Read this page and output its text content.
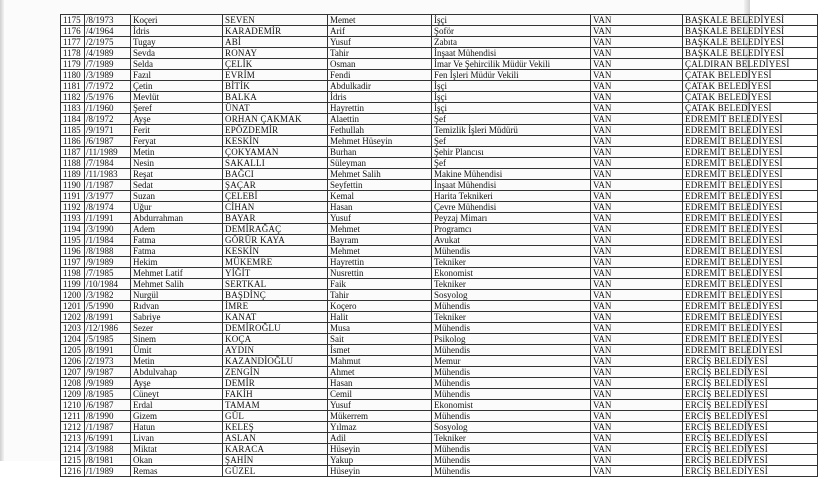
1175	/8/1973	Koçeri	SEVEN	Memet	İşçi	VAN	BAŞKALE BELEDİYESİ
1176	/4/1964	İdris	KARADEMİR	Arif	Şoför	VAN	BAŞKALE BELEDİYESİ
1177	/2/1975	Tugay	ABİ	Yusuf	Zabıta	VAN	BAŞKALE BELEDİYESİ
1178	/4/1989	Sevda	RONAY	Tahir	İnşaat Mühendisi	VAN	BAŞKALE BELEDİYESİ
1179	/7/1989	Selda	ÇELİK	Osman	İmar Ve Şehircilik Müdür Vekili	VAN	ÇALDIRAN BELEDİYESİ
1180	/3/1989	Fazıl	EVRİM	Fendi	Fen İşleri Müdür Vekili	VAN	ÇATAK BELEDİYESİ
1181	/7/1972	Çetin	BİTİK	Abdulkadir	İşçi	VAN	ÇATAK BELEDİYESİ
1182	/5/1976	Mevlüt	BALKA	İdris	İşçi	VAN	ÇATAK BELEDİYESİ
1183	/1/1960	Şeref	ÜNAT	Hayrettin	İşçi	VAN	ÇATAK BELEDİYESİ
1184	/8/1972	Ayşe	ORHAN ÇAKMAK	Alaettin	Şef	VAN	EDREMİT BELEDİYESİ
1185	/9/1971	Ferit	EPÖZDEMİR	Fethullah	Temizlik İşleri Müdürü	VAN	EDREMİT BELEDİYESİ
1186	/6/1987	Feryat	KESKİN	Mehmet Hüseyin	Şef	VAN	EDREMİT BELEDİYESİ
1187	/11/1989	Metin	ÇOKYAMAN	Burhan	Şehir Plancısı	VAN	EDREMİT BELEDİYESİ
1188	/7/1984	Nesin	SAKALLI	Süleyman	Şef	VAN	EDREMİT BELEDİYESİ
1189	/11/1983	Reşat	BAĞCI	Mehmet Salih	Makine Mühendisi	VAN	EDREMİT BELEDİYESİ
1190	/1/1987	Sedat	ŞAÇAR	Seyfettin	İnşaat Mühendisi	VAN	EDREMİT BELEDİYESİ
1191	/3/1977	Suzan	ÇELEBİ	Kemal	Harita Teknikeri	VAN	EDREMİT BELEDİYESİ
1192	/8/1974	Uğur	CİHAN	Hasan	Çevre Mühendisi	VAN	EDREMİT BELEDİYESİ
1193	/1/1991	Abdurrahman	BAYAR	Yusuf	Peyzaj Mimarı	VAN	EDREMİT BELEDİYESİ
1194	/3/1990	Adem	DEMİRAĞAÇ	Mehmet	Programcı	VAN	EDREMİT BELEDİYESİ
1195	/1/1984	Fatma	GÖRÜR KAYA	Bayram	Avukat	VAN	EDREMİT BELEDİYESİ
1196	/8/1988	Fatma	KESKİN	Mehmet	Mühendis	VAN	EDREMİT BELEDİYESİ
1197	/9/1989	Hekim	MÜKEMRE	Hayrettin	Tekniker	VAN	EDREMİT BELEDİYESİ
1198	/7/1985	Mehmet Latif	YİĞİT	Nusrettin	Ekonomist	VAN	EDREMİT BELEDİYESİ
1199	/10/1984	Mehmet Salih	SERTKAL	Faik	Tekniker	VAN	EDREMİT BELEDİYESİ
1200	/3/1982	Nurgül	BAŞDİNÇ	Tahir	Sosyolog	VAN	EDREMİT BELEDİYESİ
1201	/5/1990	Rıdvan	İMRE	Koçero	Mühendis	VAN	EDREMİT BELEDİYESİ
1202	/8/1991	Sabriye	KANAT	Halit	Tekniker	VAN	EDREMİT BELEDİYESİ
1203	/12/1986	Sezer	DEMİROĞLU	Musa	Mühendis	VAN	EDREMİT BELEDİYESİ
1204	/5/1985	Sinem	KOÇA	Sait	Psikolog	VAN	EDREMİT BELEDİYESİ
1205	/8/1991	Ümit	AYDIN	İsmet	Mühendis	VAN	EDREMİT BELEDİYESİ
1206	/2/1973	Metin	KAZANDİOĞLU	Mahmut	Memur	VAN	ERCİŞ BELEDİYESİ
1207	/9/1987	Abdulvahap	ZENGİN	Ahmet	Mühendis	VAN	ERCİŞ BELEDİYESİ
1208	/9/1989	Ayşe	DEMİR	Hasan	Mühendis	VAN	ERCİŞ BELEDİYESİ
1209	/8/1985	Cüneyt	FAKİH	Cemil	Mühendis	VAN	ERCİŞ BELEDİYESİ
1210	/6/1987	Erdal	TAMAM	Yusuf	Ekonomist	VAN	ERCİŞ BELEDİYESİ
1211	/8/1990	Gizem	GÜL	Mükerrem	Mühendis	VAN	ERCİŞ BELEDİYESİ
1212	/1/1987	Hatun	KELEŞ	Yılmaz	Sosyolog	VAN	ERCİŞ BELEDİYESİ
1213	/6/1991	Livan	ASLAN	Adil	Tekniker	VAN	ERCİŞ BELEDİYESİ
1214	/3/1988	Miktat	KARACA	Hüseyin	Mühendis	VAN	ERCİŞ BELEDİYESİ
1215	/8/1981	Okan	ŞAHİN	Yakup	Mühendis	VAN	ERCİŞ BELEDİYESİ
1216	/1/1989	Remas	GÜZEL	Hüseyin	Mühendis	VAN	ERCİŞ BELEDİYESİ
